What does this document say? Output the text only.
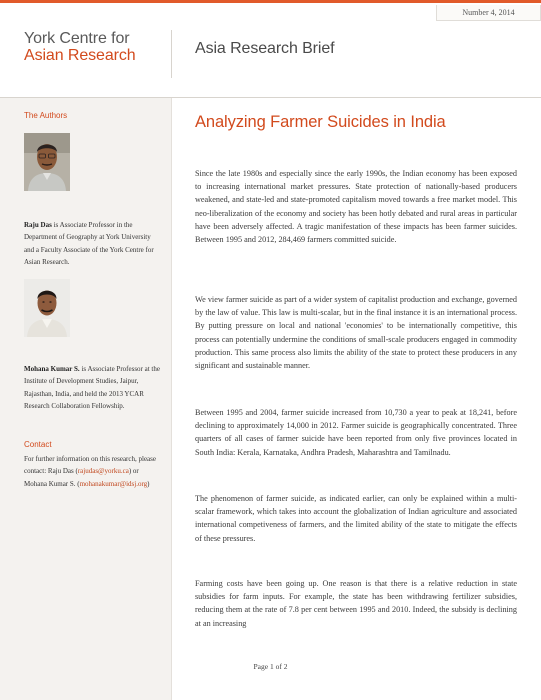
Number 4, 2014
York Centre for
Asian Research	Asia Research Brief
The Authors
Raju Das is Associate Professor in the Department of Geography at York University and a Faculty Associate of the York Centre for Asian Research.
Mohana Kumar S. is Associate Professor at the Institute of Development Studies, Jaipur, Rajasthan, India, and held the 2013 YCAR Research Collaboration Fellowship.
Contact
For further information on this research, please contact: Raju Das (rajudas@yorku.ca) or Mohana Kumar S. (mohanakumar@idsj.org)
Analyzing Farmer Suicides in India

Since the late 1980s and especially since the early 1990s, the Indian economy has been exposed to increasing international market pressures. State protection of nationally-based producers weakened, and state-led and state-promoted capitalism moved towards a free market model. This neo-liberalization of the economy and society has been hotly debated and rural areas in particular have been adversely affected. A tragic manifestation of these impacts has been farmer suicides. Between 1995 and 2012, 284,469 farmers committed suicide.

We view farmer suicide as part of a wider system of capitalist production and exchange, governed by the law of value. This law is multi-scalar, but in the final instance it is an international process. By putting pressure on local and national 'economies' to be internationally competitive, this process can potentially undermine the conditions of small-scale producers engaged in commodity production. This same process also limits the ability of the state to protect these producers in any significant and sustainable manner.

Between 1995 and 2004, farmer suicide increased from 10,730 a year to peak at 18,241, before declining to approximately 14,000 in 2012. Farmer suicide is geographically concentrated. Three quarters of all cases of farmer suicide have been reported from only five provinces located in South India: Kerala, Karnataka, Andhra Pradesh, Maharashtra and Tamilnadu.

The phenomenon of farmer suicide, as indicated earlier, can only be explained within a multi-scalar framework, which takes into account the globalization of Indian agriculture and associated international competiveness of farmers, and the limited ability of the state to mitigate the effects of these pressures.

Farming costs have been going up. One reason is that there is a relative reduction in state subsidies for farm inputs. For example, the state has been withdrawing fertilizer subsidies, reducing them at the rate of 7.8 per cent between 1995 and 2010. Indeed, the subsidy is declining at an increasing

Page 1 of 2
